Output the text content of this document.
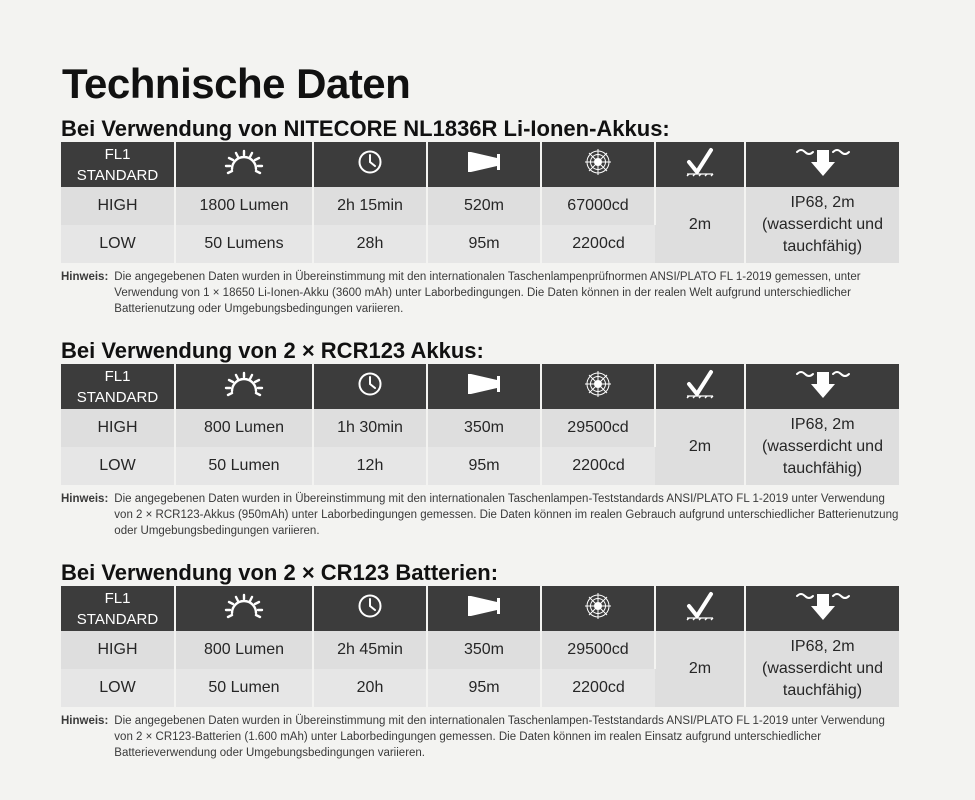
Technische Daten
Bei Verwendung von NITECORE NL1836R Li-Ionen-Akkus:
FL1
STANDARD

HIGH	1800 Lumen	2h 15min	520m	67000cd	2m	IP68, 2m
(wasserdicht und
tauchfähig)

LOW	50 Lumens	28h	95m	2200cd		
Hinweis: Die angegebenen Daten wurden in Übereinstimmung mit den internationalen Taschenlampenprüfnormen ANSI/PLATO FL 1-2019 gemessen, unter Verwendung von 1 × 18650 Li-Ionen-Akku (3600 mAh) unter Laborbedingungen. Die Daten können in der realen Welt aufgrund unterschiedlicher Batterienutzung oder Umgebungsbedingungen variieren.
Bei Verwendung von 2 × RCR123 Akkus:
FL1
STANDARD

HIGH	800 Lumen	1h 30min	350m	29500cd	2m	IP68, 2m
(wasserdicht und
tauchfähig)

LOW	50 Lumen	12h	95m	2200cd		
Hinweis: Die angegebenen Daten wurden in Übereinstimmung mit den internationalen Taschenlampen-Teststandards ANSI/PLATO FL 1-2019 unter Verwendung von 2 × RCR123-Akkus (950mAh) unter Laborbedingungen gemessen. Die Daten können im realen Gebrauch aufgrund unterschiedlicher Batterienutzung oder Umgebungsbedingungen variieren.
Bei Verwendung von 2 × CR123 Batterien:
FL1
STANDARD

HIGH	800 Lumen	2h 45min	350m	29500cd	2m	IP68, 2m
(wasserdicht und
tauchfähig)

LOW	50 Lumen	20h	95m	2200cd		
Hinweis: Die angegebenen Daten wurden in Übereinstimmung mit den internationalen Taschenlampen-Teststandards ANSI/PLATO FL 1-2019 unter Verwendung von 2 × CR123-Batterien (1.600 mAh) unter Laborbedingungen gemessen. Die Daten können im realen Einsatz aufgrund unterschiedlicher Batterieverwendung oder Umgebungsbedingungen variieren.
